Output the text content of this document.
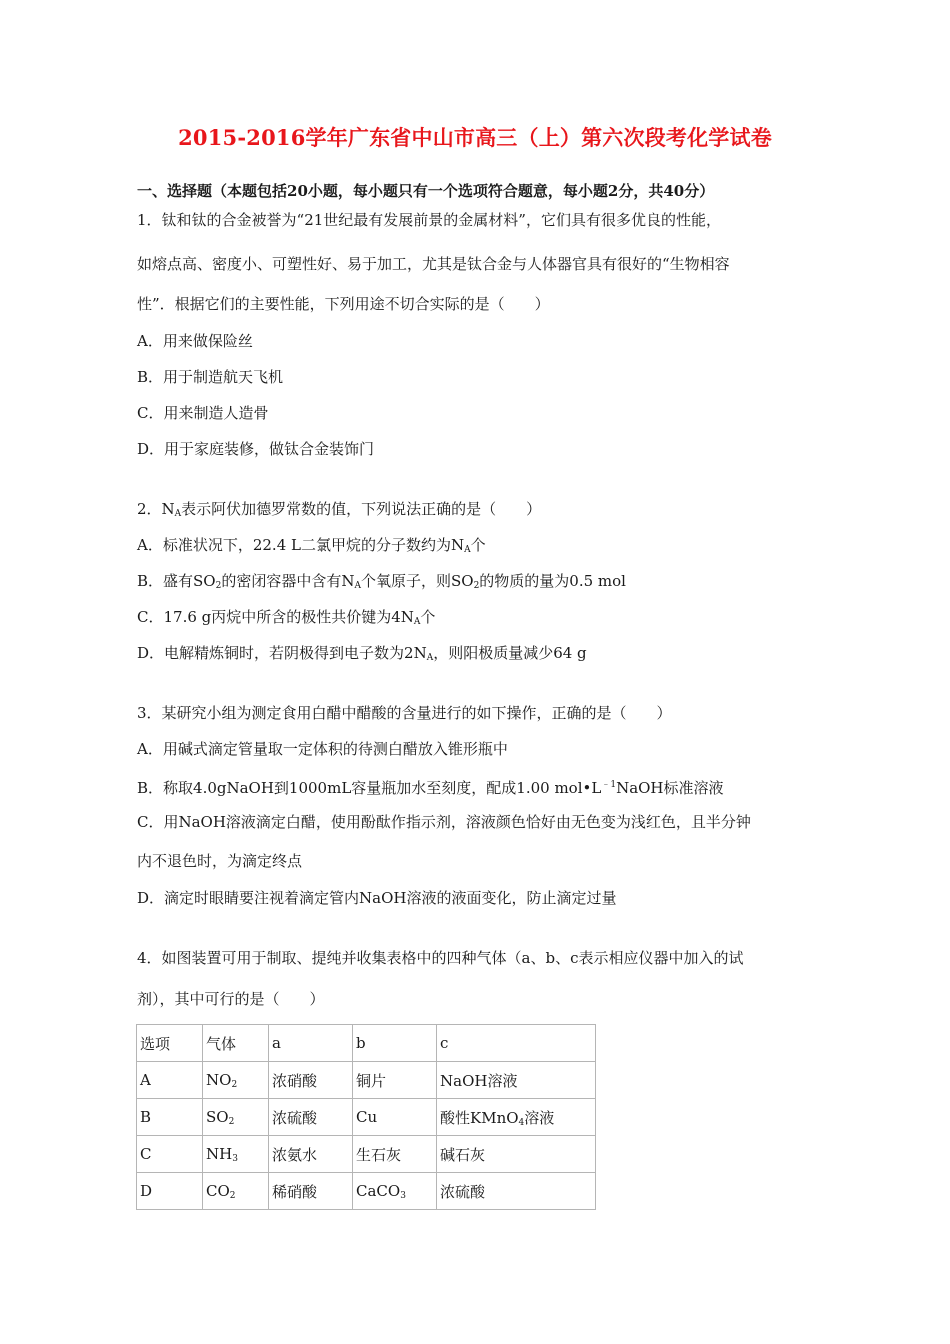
2015-2016学年广东省中山市高三（上）第六次段考化学试卷
一、选择题（本题包括20小题，每小题只有一个选项符合题意，每小题2分，共40分）
1．钛和钛的合金被誉为“21世纪最有发展前景的金属材料”，它们具有很多优良的性能，
如熔点高、密度小、可塑性好、易于加工，尤其是钛合金与人体器官具有很好的“生物相容
性”．根据它们的主要性能，下列用途不切合实际的是（　　）
A．用来做保险丝
B．用于制造航天飞机
C．用来制造人造骨
D．用于家庭装修，做钛合金装饰门
2．$N_A$表示阿伏加德罗常数的值，下列说法正确的是（　　）
A．标准状况下，22.4 L二氯甲烷的分子数约为$N_A$个
B．盛有$SO_2$的密闭容器中含有$N_A$个氧原子，则$SO_2$的物质的量为0.5 mol
C．17.6 g丙烷中所含的极性共价键为$4N_A$个
D．电解精炼铜时，若阴极得到电子数为$2N_A$，则阳极质量减少64 g
3．某研究小组为测定食用白醋中醋酸的含量进行的如下操作，正确的是（　　）
A．用碱式滴定管量取一定体积的待测白醋放入锥形瓶中
B．称取4.0gNaOH到1000mL容量瓶加水至刻度，配成1.00 $mol•L^{﹣1}NaOH$标准溶液
C．用NaOH溶液滴定白醋，使用酚酞作指示剂，溶液颜色恰好由无色变为浅红色，且半分钟
内不退色时，为滴定终点
D．滴定时眼睛要注视着滴定管内NaOH溶液的液面变化，防止滴定过量
4．如图装置可用于制取、提纯并收集表格中的四种气体（a、b、c表示相应仪器中加入的试
剂），其中可行的是（　　）
选项	气体	a	b	c
A	$NO_2$	浓硝酸	铜片	NaOH溶液
B	$SO_2$	浓硫酸	Cu	酸性KMnO$_4$溶液
C	$NH_3$	浓氨水	生石灰	碱石灰
D	$CO_2$	稀硝酸	CaCO$_3$	浓硫酸
